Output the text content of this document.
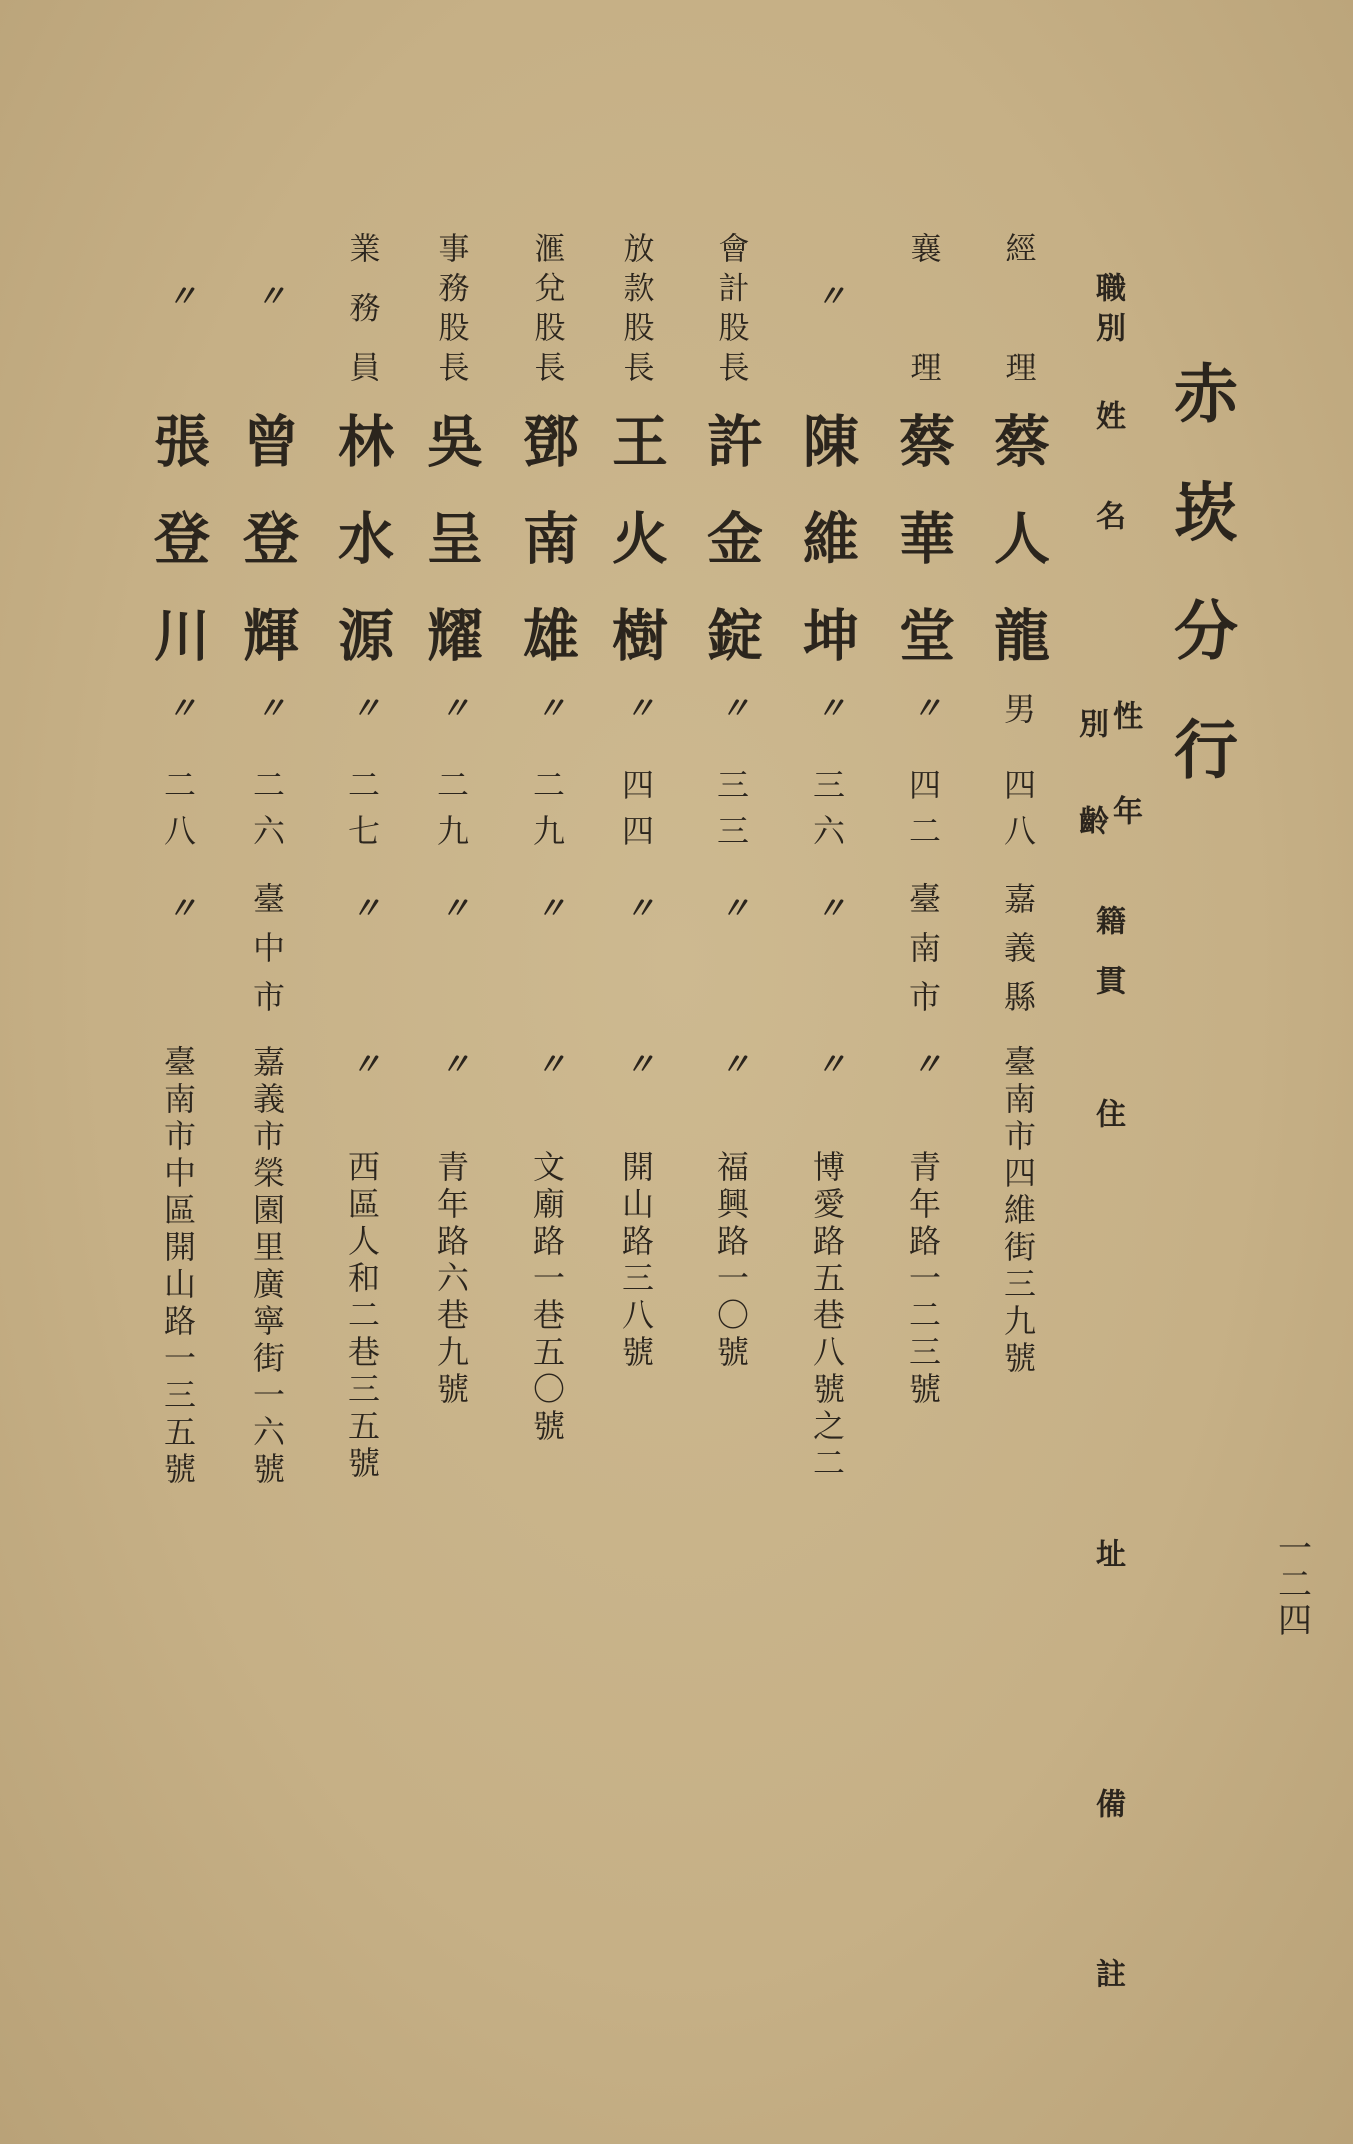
赤崁分行
一二四
職
別
姓
名
性
別
年
齡
籍
貫
住
址
備
註
經理
蔡人龍
男
四八
嘉義縣
臺南市四維街三九號
襄理
蔡華堂
〃
四二
臺南市
〃
青年路一二三號
〃
陳維坤
〃
三六
〃
〃
博愛路五巷八號之二
會計股長
許金錠
〃
三三
〃
〃
福興路一〇號
放款股長
王火樹
〃
四四
〃
〃
開山路三八號
滙兌股長
鄧南雄
〃
二九
〃
〃
文廟路一巷五〇號
事務股長
吳呈耀
〃
二九
〃
〃
青年路六巷九號
業務員
林水源
〃
二七
〃
〃
西區人和二巷三五號
〃
曾登輝
〃
二六
臺中市
嘉義市榮園里廣寧街一六號
〃
張登川
〃
二八
〃
臺南市中區開山路一三五號
